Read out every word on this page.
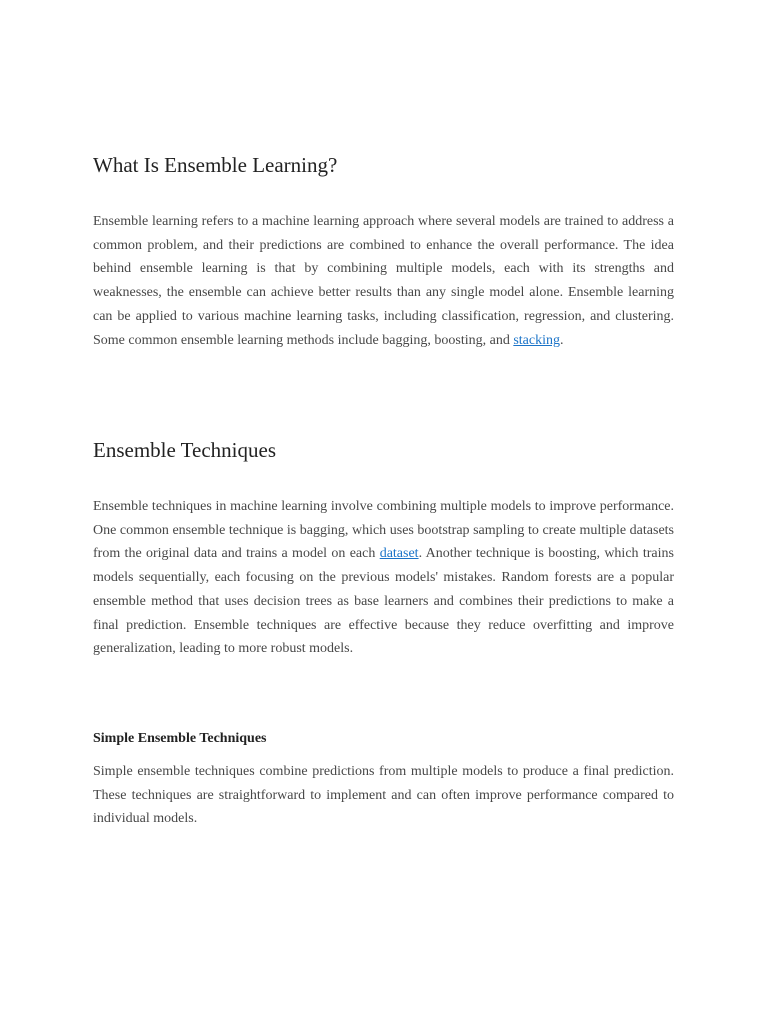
What Is Ensemble Learning?

Ensemble learning refers to a machine learning approach where several models are trained to address a common problem, and their predictions are combined to enhance the overall performance. The idea behind ensemble learning is that by combining multiple models, each with its strengths and weaknesses, the ensemble can achieve better results than any single model alone. Ensemble learning can be applied to various machine learning tasks, including classification, regression, and clustering. Some common ensemble learning methods include bagging, boosting, and stacking.

Ensemble Techniques

Ensemble techniques in machine learning involve combining multiple models to improve performance. One common ensemble technique is bagging, which uses bootstrap sampling to create multiple datasets from the original data and trains a model on each dataset. Another technique is boosting, which trains models sequentially, each focusing on the previous models' mistakes. Random forests are a popular ensemble method that uses decision trees as base learners and combines their predictions to make a final prediction. Ensemble techniques are effective because they reduce overfitting and improve generalization, leading to more robust models.

Simple Ensemble Techniques

Simple ensemble techniques combine predictions from multiple models to produce a final prediction. These techniques are straightforward to implement and can often improve performance compared to individual models.
